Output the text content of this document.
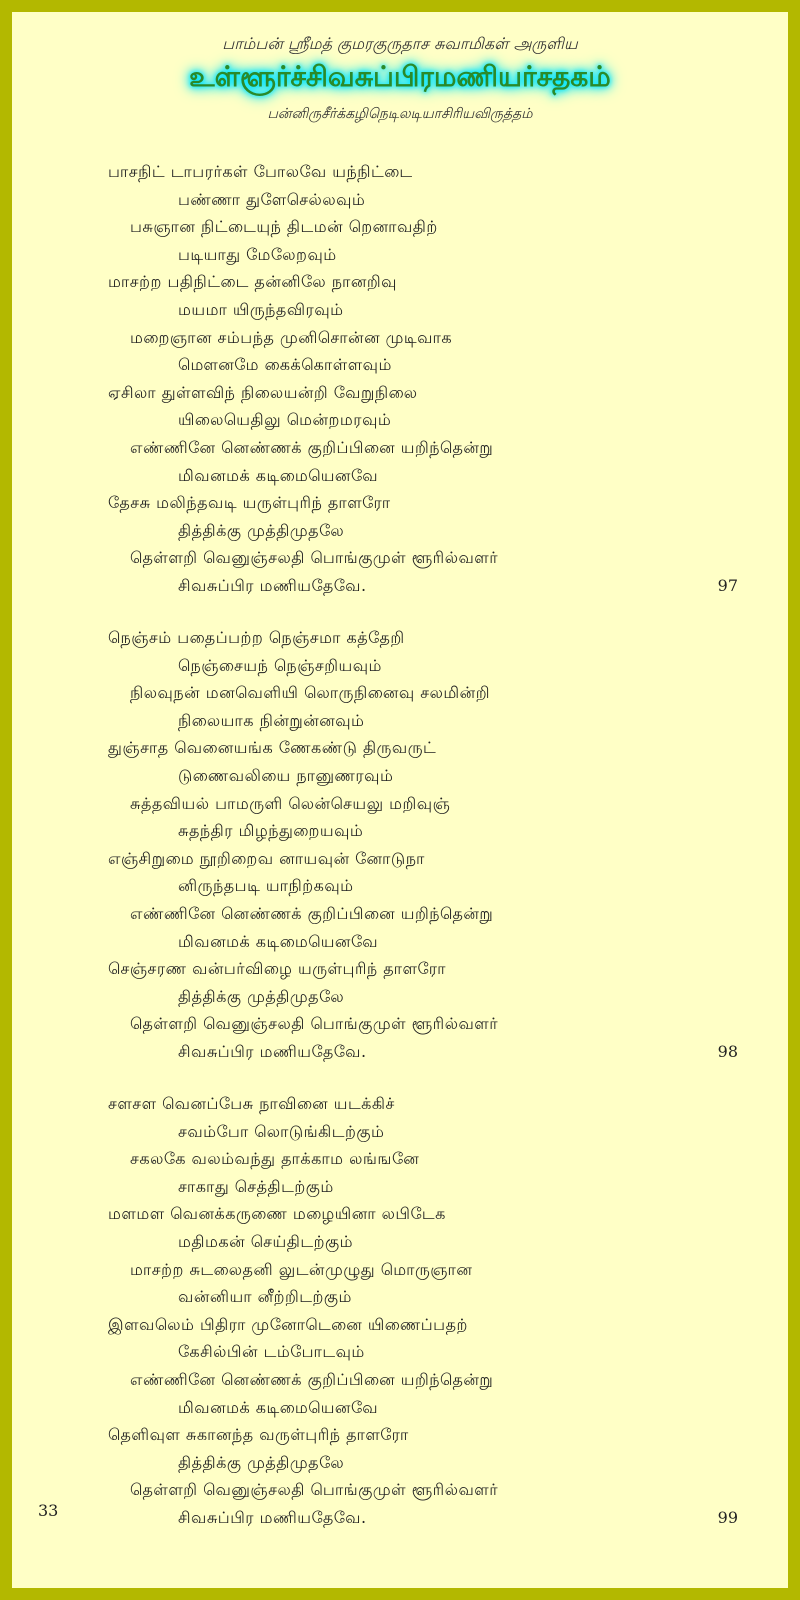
பாம்பன் ஸ்ரீமத் குமரகுருதாச சுவாமிகள் அருளிய
உள்ளூர்ச்சிவசுப்பிரமணியர்சதகம்
பன்னிருசீர்க்கழிநெடிலடியாசிரியவிருத்தம்
பாசநிட் டாபரர்கள் போலவே யந்நிட்டை
பண்ணா துளேசெல்லவும்
பசுஞான நிட்டையுந் திடமன் றெனாவதிற்
படியாது மேலேறவும்
மாசற்ற பதிநிட்டை தன்னிலே நானறிவு
மயமா யிருந்தவிரவும்
மறைஞான சம்பந்த முனிசொன்ன முடிவாக
மௌனமே கைக்கொள்ளவும்
ஏசிலா துள்ளவிந் நிலையன்றி வேறுநிலை
யிலையெதிலு மென்றமரவும்
எண்ணினே னெண்ணக் குறிப்பினை யறிந்தென்று
மிவனமக் கடிமையெனவே
தேசசு மலிந்தவடி யருள்புரிந் தாளரோ
தித்திக்கு முத்திமுதலே
தெள்ளறி வெனுஞ்சலதி பொங்குமுள் ளூரில்வளர்
சிவசுப்பிர மணியதேவே.	97
நெஞ்சம் பதைப்பற்ற நெஞ்சமா கத்தேறி
நெஞ்சையந் நெஞ்சறியவும்
நிலவுநன் மனவெளியி லொருநினைவு சலமின்றி
நிலையாக நின்றுன்னவும்
துஞ்சாத வெனையங்க ணேகண்டு திருவருட்
டுணைவலியை நானுணரவும்
சுத்தவியல் பாமருளி லென்செயலு மறிவுஞ்
சுதந்திர மிழந்துறையவும்
எஞ்சிறுமை நூறிறைவ னாயவுன் னோடுநா
னிருந்தபடி யாநிற்கவும்
எண்ணினே னெண்ணக் குறிப்பினை யறிந்தென்று
மிவனமக் கடிமையெனவே
செஞ்சரண வன்பர்விழை யருள்புரிந் தாளரோ
தித்திக்கு முத்திமுதலே
தெள்ளறி வெனுஞ்சலதி பொங்குமுள் ளூரில்வளர்
சிவசுப்பிர மணியதேவே.	98
சளசள வெனப்பேசு நாவினை யடக்கிச்
சவம்போ லொடுங்கிடற்கும்
சகலகே வலம்வந்து தாக்காம லங்ஙனே
சாகாது செத்திடற்கும்
மளமள வெனக்கருணை மழையினா லபிடேக
மதிமகன் செய்திடற்கும்
மாசற்ற சுடலைதனி லுடன்முழுது மொருஞான
வன்னியா னீற்றிடற்கும்
இளவலெம் பிதிரா முனோடெனை யிணைப்பதற்
கேசில்பின் டம்போடவும்
எண்ணினே னெண்ணக் குறிப்பினை யறிந்தென்று
மிவனமக் கடிமையெனவே
தெளிவுள சுகானந்த வருள்புரிந் தாளரோ
தித்திக்கு முத்திமுதலே
தெள்ளறி வெனுஞ்சலதி பொங்குமுள் ளூரில்வளர்
சிவசுப்பிர மணியதேவே.	99
33
